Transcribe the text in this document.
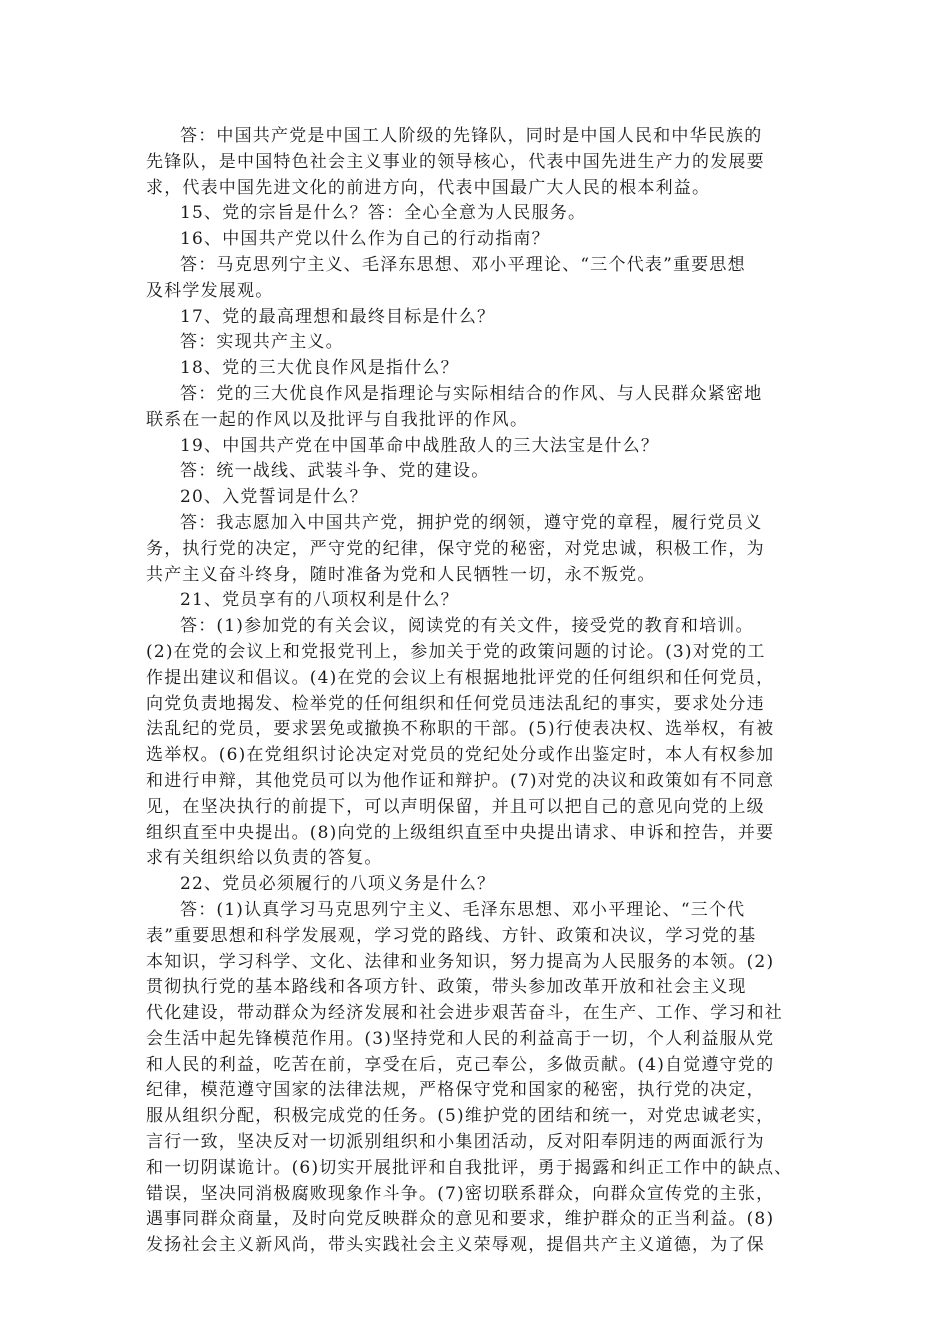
答：中国共产党是中国工人阶级的先锋队，同时是中国人民和中华民族的
先锋队，是中国特色社会主义事业的领导核心，代表中国先进生产力的发展要
求，代表中国先进文化的前进方向，代表中国最广大人民的根本利益。
15、党的宗旨是什么？答：全心全意为人民服务。
16、中国共产党以什么作为自己的行动指南？
答：马克思列宁主义、毛泽东思想、邓小平理论、“三个代表”重要思想
及科学发展观。
17、党的最高理想和最终目标是什么？
答：实现共产主义。
18、党的三大优良作风是指什么？
答：党的三大优良作风是指理论与实际相结合的作风、与人民群众紧密地
联系在一起的作风以及批评与自我批评的作风。
19、中国共产党在中国革命中战胜敌人的三大法宝是什么？
答：统一战线、武装斗争、党的建设。
20、入党誓词是什么？
答：我志愿加入中国共产党，拥护党的纲领，遵守党的章程，履行党员义
务，执行党的决定，严守党的纪律，保守党的秘密，对党忠诚，积极工作，为
共产主义奋斗终身，随时准备为党和人民牺牲一切，永不叛党。
21、党员享有的八项权利是什么？
答：(1)参加党的有关会议，阅读党的有关文件，接受党的教育和培训。
(2)在党的会议上和党报党刊上，参加关于党的政策问题的讨论。(3)对党的工
作提出建议和倡议。(4)在党的会议上有根据地批评党的任何组织和任何党员，
向党负责地揭发、检举党的任何组织和任何党员违法乱纪的事实，要求处分违
法乱纪的党员，要求罢免或撤换不称职的干部。(5)行使表决权、选举权，有被
选举权。(6)在党组织讨论决定对党员的党纪处分或作出鉴定时，本人有权参加
和进行申辩，其他党员可以为他作证和辩护。(7)对党的决议和政策如有不同意
见，在坚决执行的前提下，可以声明保留，并且可以把自己的意见向党的上级
组织直至中央提出。(8)向党的上级组织直至中央提出请求、申诉和控告，并要
求有关组织给以负责的答复。
22、党员必须履行的八项义务是什么？
答：(1)认真学习马克思列宁主义、毛泽东思想、邓小平理论、“三个代
表”重要思想和科学发展观，学习党的路线、方针、政策和决议，学习党的基
本知识，学习科学、文化、法律和业务知识，努力提高为人民服务的本领。(2)
贯彻执行党的基本路线和各项方针、政策，带头参加改革开放和社会主义现
代化建设，带动群众为经济发展和社会进步艰苦奋斗，在生产、工作、学习和社
会生活中起先锋模范作用。(3)坚持党和人民的利益高于一切，个人利益服从党
和人民的利益，吃苦在前，享受在后，克己奉公，多做贡献。(4)自觉遵守党的
纪律，模范遵守国家的法律法规，严格保守党和国家的秘密，执行党的决定，
服从组织分配，积极完成党的任务。(5)维护党的团结和统一，对党忠诚老实，
言行一致，坚决反对一切派别组织和小集团活动，反对阳奉阴违的两面派行为
和一切阴谋诡计。(6)切实开展批评和自我批评，勇于揭露和纠正工作中的缺点、
错误，坚决同消极腐败现象作斗争。(7)密切联系群众，向群众宣传党的主张，
遇事同群众商量，及时向党反映群众的意见和要求，维护群众的正当利益。(8)
发扬社会主义新风尚，带头实践社会主义荣辱观，提倡共产主义道德，为了保
